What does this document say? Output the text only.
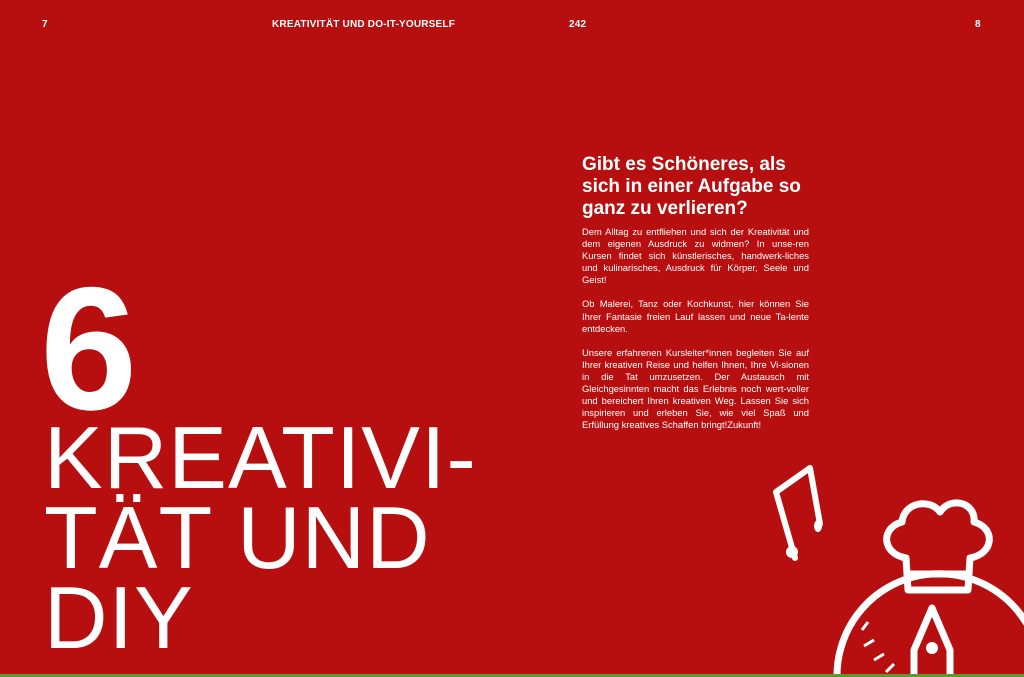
7	KREATIVITÄT UND DO-IT-YOURSELF	242	8
6
KREATIVI-
TÄT UND
DIY
Gibt es Schöneres, als sich in einer Aufgabe so ganz zu verlieren?

Dem Alltag zu entfliehen und sich der Kreativität und dem eigenen Ausdruck zu widmen? In unse-ren Kursen findet sich künstlerisches, handwerk-liches und kulinarisches, Ausdruck für Körper, Seele und Geist!

Ob Malerei, Tanz oder Kochkunst, hier können Sie Ihrer Fantasie freien Lauf lassen und neue Ta-lente entdecken.

Unsere erfahrenen Kursleiter*innen begleiten Sie auf Ihrer kreativen Reise und helfen Ihnen, Ihre Vi-sionen in die Tat umzusetzen. Der Austausch mit Gleichgesinnten macht das Erlebnis noch wert-voller und bereichert Ihren kreativen Weg. Lassen Sie sich inspirieren und erleben Sie, wie viel Spaß und Erfüllung kreatives Schaffen bringt!Zukunft!
